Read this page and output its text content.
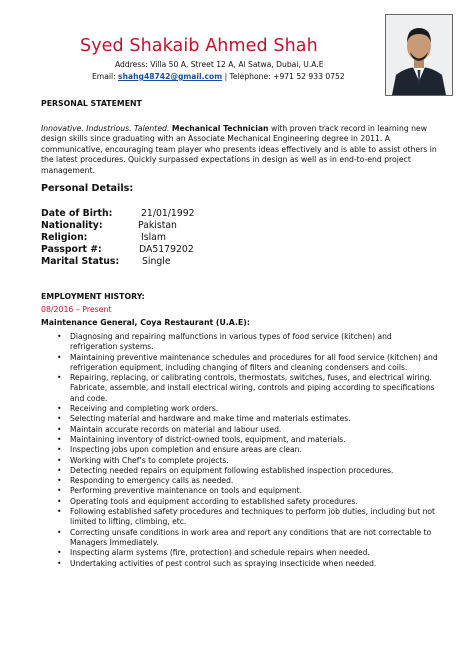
Syed Shakaib Ahmed Shah
Address: Villa 50 A, Street 12 A, Al Satwa, Dubai, U.A.E
Email: shahg48742@gmail.com | Telephone: +971 52 933 0752
PERSONAL STATEMENT
Innovative. Industrious. Talented. Mechanical Technician with proven track record in learning new design skills since graduating with an Associate Mechanical Engineering degree in 2011. A communicative, encouraging team player who presents ideas effectively and is able to assist others in the latest procedures. Quickly surpassed expectations in design as well as in end-to-end project management.
Personal Details:
Date of Birth:	21/01/1992
Nationality:	Pakistan
Religion:	Islam
Passport #:	DA5179202
Marital Status: Single
EMPLOYMENT HISTORY:
08/2016 – Present
Maintenance General, Coya Restaurant (U.A.E):
• Diagnosing and repairing malfunctions in various types of food service (kitchen) and refrigeration systems.
• Maintaining preventive maintenance schedules and procedures for all food service (kitchen) and refrigeration equipment, including changing of filters and cleaning condensers and coils.
• Repairing, replacing, or calibrating controls, thermostats, switches, fuses, and electrical wiring.
Fabricate, assemble, and install electrical wiring, controls and piping according to specifications and code.
• Receiving and completing work orders.
• Selecting material and hardware and make time and materials estimates.
• Maintain accurate records on material and labour used.
• Maintaining inventory of district-owned tools, equipment, and materials.
• Inspecting jobs upon completion and ensure areas are clean.
• Working with Chef’s to complete projects.
• Detecting needed repairs on equipment following established inspection procedures.
• Responding to emergency calls as needed.
• Performing preventive maintenance on tools and equipment.
• Operating tools and equipment according to established safety procedures.
• Following established safety procedures and techniques to perform job duties, including but not limited to lifting, climbing, etc.
• Correcting unsafe conditions in work area and report any conditions that are not correctable to Managers Immediately.
• Inspecting alarm systems (fire, protection) and schedule repairs when needed.
• Undertaking activities of pest control such as spraying insecticide when needed.
